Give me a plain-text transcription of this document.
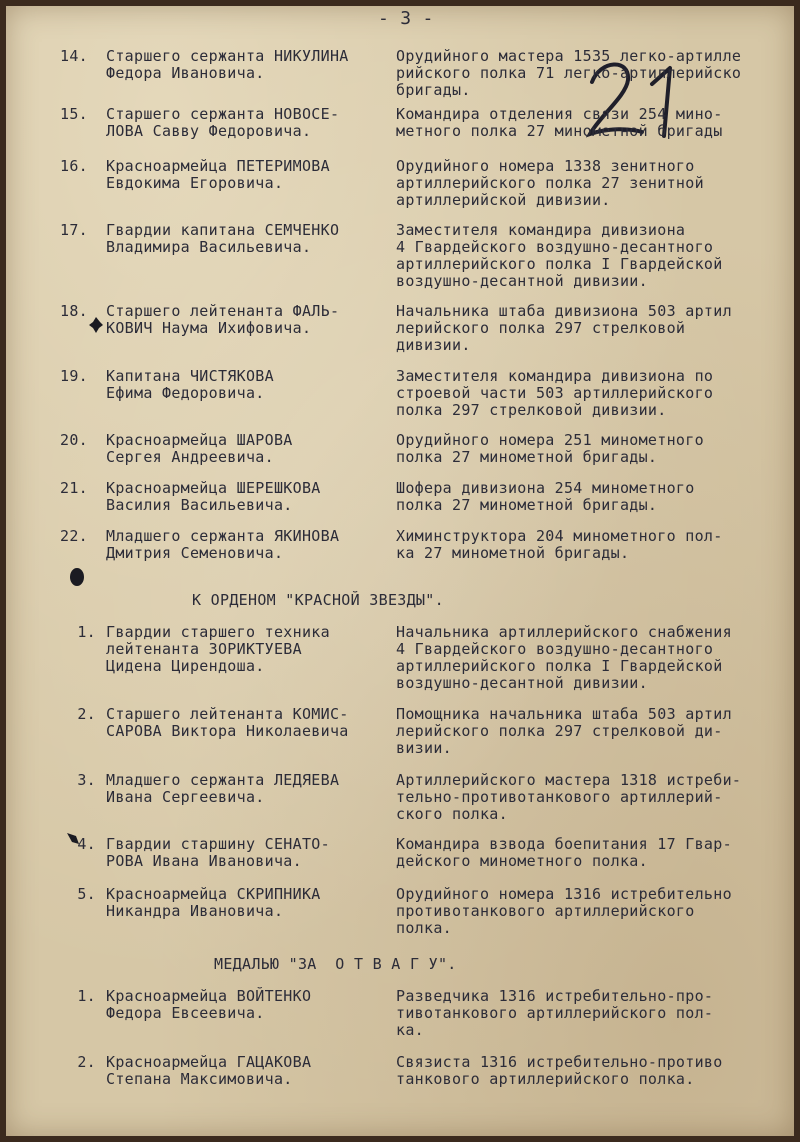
- 3 -
14. Старшего сержанта НИКУЛИНА
Федора Ивановича.
Орудийного мастера 1535 легко-артилле
рийского полка 71 легко-артиллерийско
бригады.
15. Старшего сержанта НОВОСЕ-
ЛОВА Савву Федоровича.
Командира отделения связи 254 мино-
метного полка 27 минометной бригады
16. Красноармейца ПЕТЕРИМОВА
Евдокима Егоровича.
Орудийного номера 1338 зенитного
артиллерийского полка 27 зенитной
артиллерийской дивизии.
17. Гвардии капитана СЕМЧЕНКО
Владимира Васильевича.
Заместителя командира дивизиона
4 Гвардейского воздушно-десантного
артиллерийского полка I Гвардейской
воздушно-десантной дивизии.
18. Старшего лейтенанта ФАЛЬ-
КОВИЧ Наума Ихифовича.
Начальника штаба дивизиона 503 артил
лерийского полка 297 стрелковой
дивизии.
19. Капитана ЧИСТЯКОВА
Ефима Федоровича.
Заместителя командира дивизиона по
строевой части 503 артиллерийского
полка 297 стрелковой дивизии.
20. Красноармейца ШАРОВА
Сергея Андреевича.
Орудийного номера 251 минометного
полка 27 минометной бригады.
21. Красноармейца ШЕРЕШКОВА
Василия Васильевича.
Шофера дивизиона 254 минометного
полка 27 минометной бригады.
22. Младшего сержанта ЯКИНОВА
Дмитрия Семеновича.
Химинструктора 204 минометного пол-
ка 27 минометной бригады.
К ОРДЕНОМ "КРАСНОЙ ЗВЕЗДЫ".
1. Гвардии старшего техника
лейтенанта ЗОРИКТУЕВА
Цидена Цирендоша.
Начальника артиллерийского снабжения
4 Гвардейского воздушно-десантного
артиллерийского полка I Гвардейской
воздушно-десантной дивизии.
2. Старшего лейтенанта КОМИС-
САРОВА Виктора Николаевича
Помощника начальника штаба 503 артил
лерийского полка 297 стрелковой ди-
визии.
3. Младшего сержанта ЛЕДЯЕВА
Ивана Сергеевича.
Артиллерийского мастера 1318 истреби-
тельно-противотанкового артиллерий-
ского полка.
4. Гвардии старшину СЕНАТО-
РОВА Ивана Ивановича.
Командира взвода боепитания 17 Гвар-
дейского минометного полка.
5. Красноармейца СКРИПНИКА
Никандра Ивановича.
Орудийного номера 1316 истребительно
противотанкового артиллерийского
полка.
МЕДАЛЬЮ "ЗА  О Т В А Г У".
1. Красноармейца ВОЙТЕНКО
Федора Евсеевича.
Разведчика 1316 истребительно-про-
тивотанкового артиллерийского пол-
ка.
2. Красноармейца ГАЦАКОВА
Степана Максимовича.
Связиста 1316 истребительно-противо
танкового артиллерийского полка.
